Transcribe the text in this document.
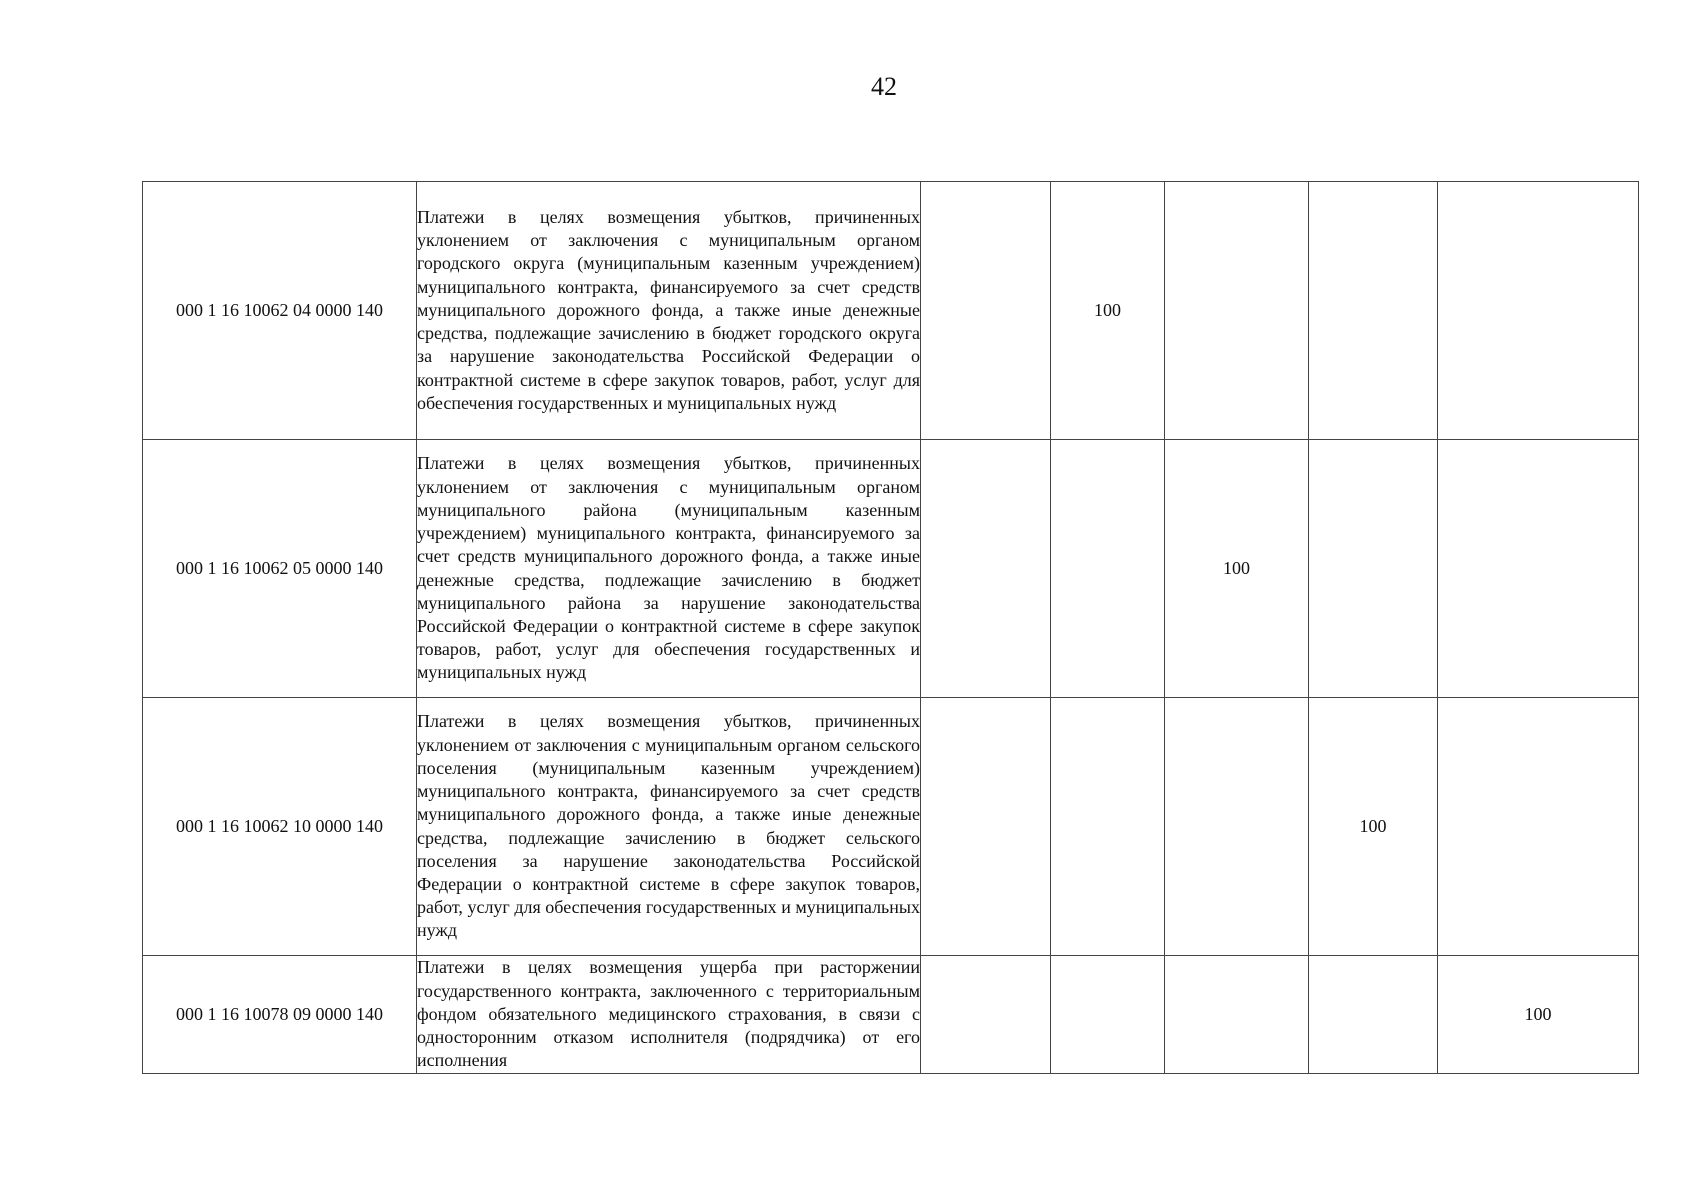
42
000 1 16 10062 04 0000 140	Платежи в целях возмещения убытков, причиненных уклонением от заключения с муниципальным органом городского округа (муниципальным казенным учреждением) муниципального контракта, финансируемого за счет средств муниципального дорожного фонда, а также иные денежные средства, подлежащие зачислению в бюджет городского округа за нарушение законодательства Российской Федерации о контрактной системе в сфере закупок товаров, работ, услуг для обеспечения государственных и муниципальных нужд		100			
000 1 16 10062 05 0000 140	Платежи в целях возмещения убытков, причиненных уклонением от заключения с муниципальным органом муниципального района (муниципальным казенным учреждением) муниципального контракта, финансируемого за счет средств муниципального дорожного фонда, а также иные денежные средства, подлежащие зачислению в бюджет муниципального района за нарушение законодательства Российской Федерации о контрактной системе в сфере закупок товаров, работ, услуг для обеспечения государственных и муниципальных нужд			100		
000 1 16 10062 10 0000 140	Платежи в целях возмещения убытков, причиненных уклонением от заключения с муниципальным органом сельского поселения (муниципальным казенным учреждением) муниципального контракта, финансируемого за счет средств муниципального дорожного фонда, а также иные денежные средства, подлежащие зачислению в бюджет сельского поселения за нарушение законодательства Российской Федерации о контрактной системе в сфере закупок товаров, работ, услуг для обеспечения государственных и муниципальных нужд				100	
000 1 16 10078 09 0000 140	Платежи в целях возмещения ущерба при расторжении государственного контракта, заключенного с территориальным фондом обязательного медицинского страхования, в связи с односторонним отказом исполнителя (подрядчика) от его исполнения					100
